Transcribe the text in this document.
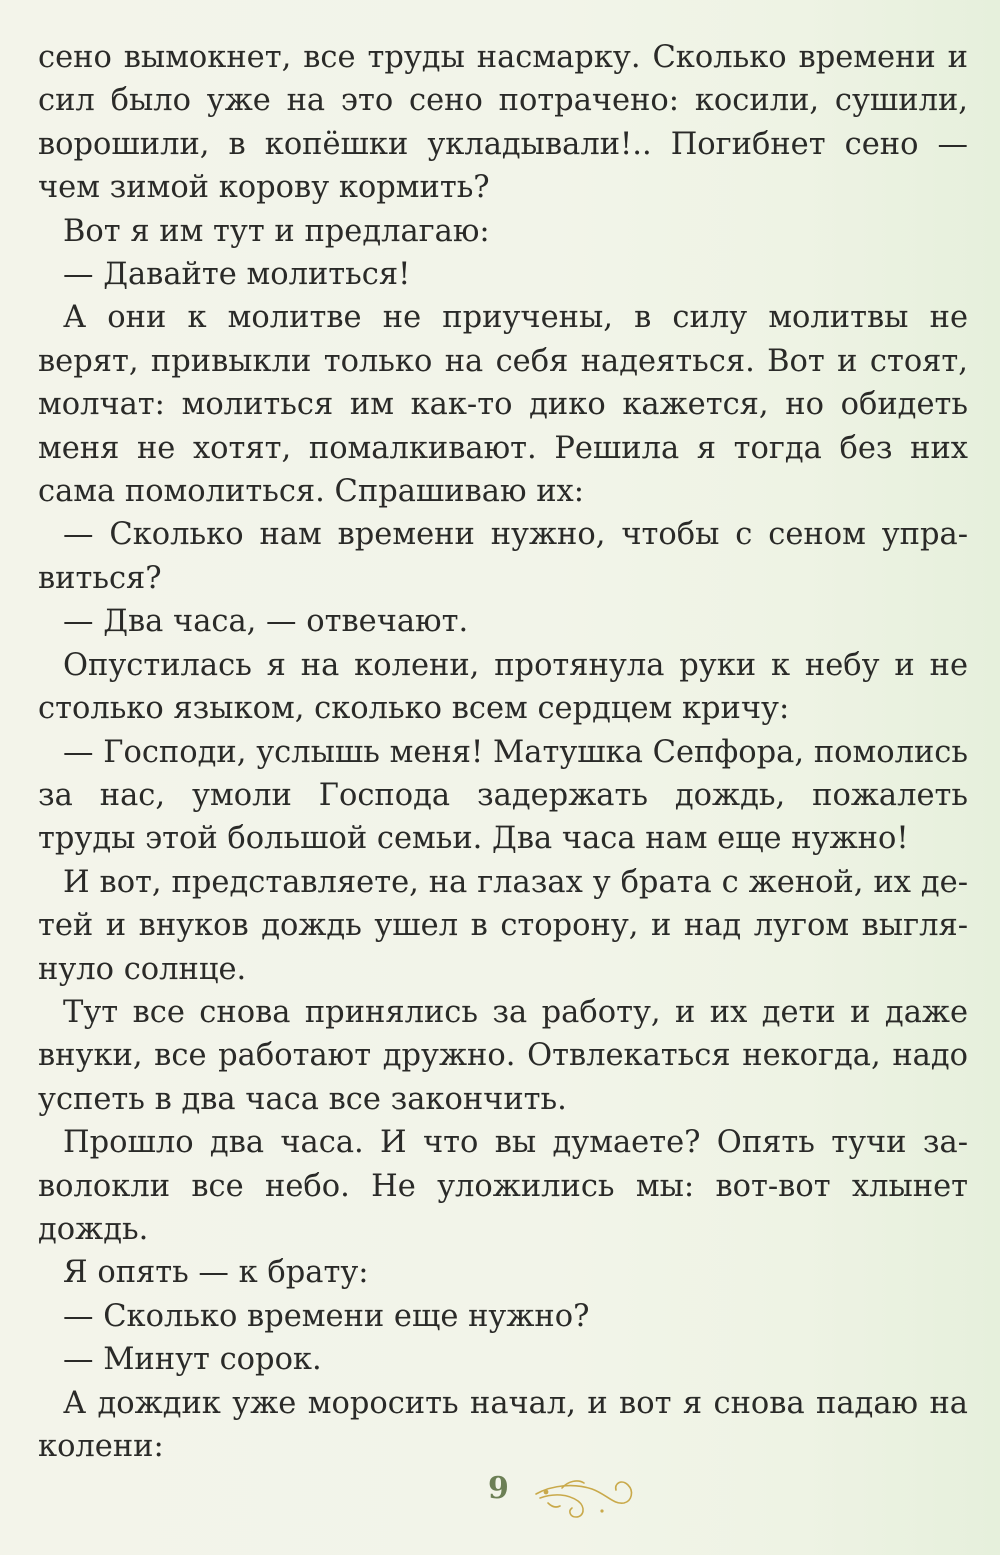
сено вымокнет, все труды насмарку. Сколько времени и сил было уже на это сено потрачено: косили, сушили, ворошили, в копёшки укладывали!.. Погибнет сено — чем зимой корову кормить?

Вот я им тут и предлагаю:

— Давайте молиться!

А они к молитве не приучены, в силу молитвы не верят, привыкли только на себя надеяться. Вот и стоят, молчат: молиться им как-то дико кажется, но обидеть меня не хотят, помалкивают. Решила я тогда без них сама помолиться. Спрашиваю их:

— Сколько нам времени нужно, чтобы с сеном управиться?

— Два часа, — отвечают.

Опустилась я на колени, протянула руки к небу и не столько языком, сколько всем сердцем кричу:

— Господи, услышь меня! Матушка Сепфора, помолись за нас, умоли Господа задержать дождь, пожалеть труды этой большой семьи. Два часа нам еще нужно!

И вот, представляете, на глазах у брата с женой, их детей и внуков дождь ушел в сторону, и над лугом выглянуло солнце.

Тут все снова принялись за работу, и их дети и даже внуки, все работают дружно. Отвлекаться некогда, надо успеть в два часа все закончить.

Прошло два часа. И что вы думаете? Опять тучи заволокли все небо. Не уложились мы: вот-вот хлынет дождь.

Я опять — к брату:

— Сколько времени еще нужно?

— Минут сорок.

А дождик уже моросить начал, и вот я снова падаю на колени:

9
